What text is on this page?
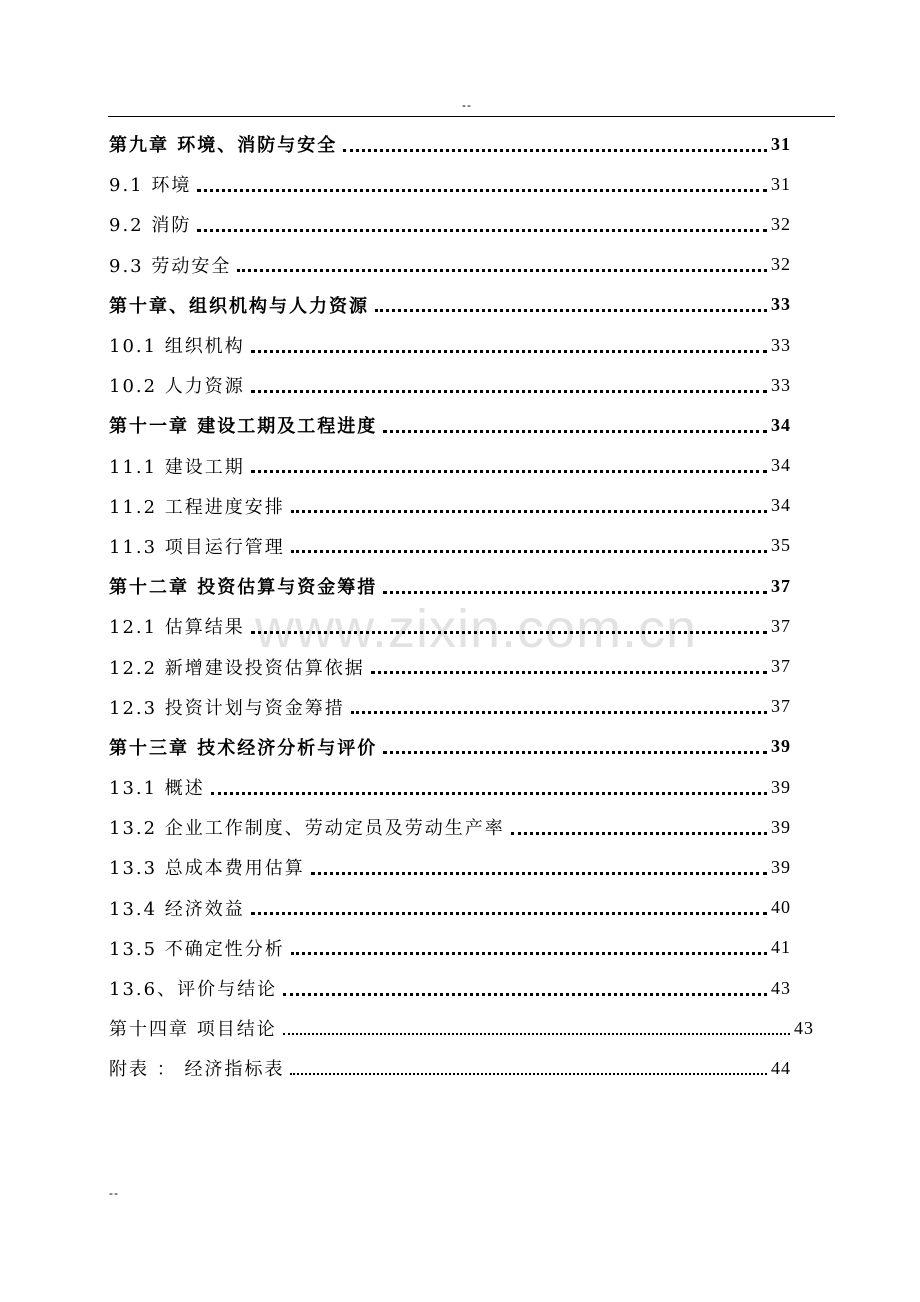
--
www.zixin.com.cn
第九章 环境、消防与安全	31
9.1 环境	31
9.2 消防	32
9.3 劳动安全	32
第十章、组织机构与人力资源	33
10.1 组织机构	33
10.2 人力资源	33
第十一章 建设工期及工程进度	34
11.1 建设工期	34
11.2 工程进度安排	34
11.3 项目运行管理	35
第十二章 投资估算与资金筹措	37
12.1 估算结果	37
12.2 新增建设投资估算依据	37
12.3 投资计划与资金筹措	37
第十三章 技术经济分析与评价	39
13.1 概述	39
13.2 企业工作制度、劳动定员及劳动生产率	39
13.3 总成本费用估算	39
13.4 经济效益	40
13.5 不确定性分析	41
13.6、评价与结论	43
第十四章 项目结论	43
附表 ： 经济指标表	44
--
